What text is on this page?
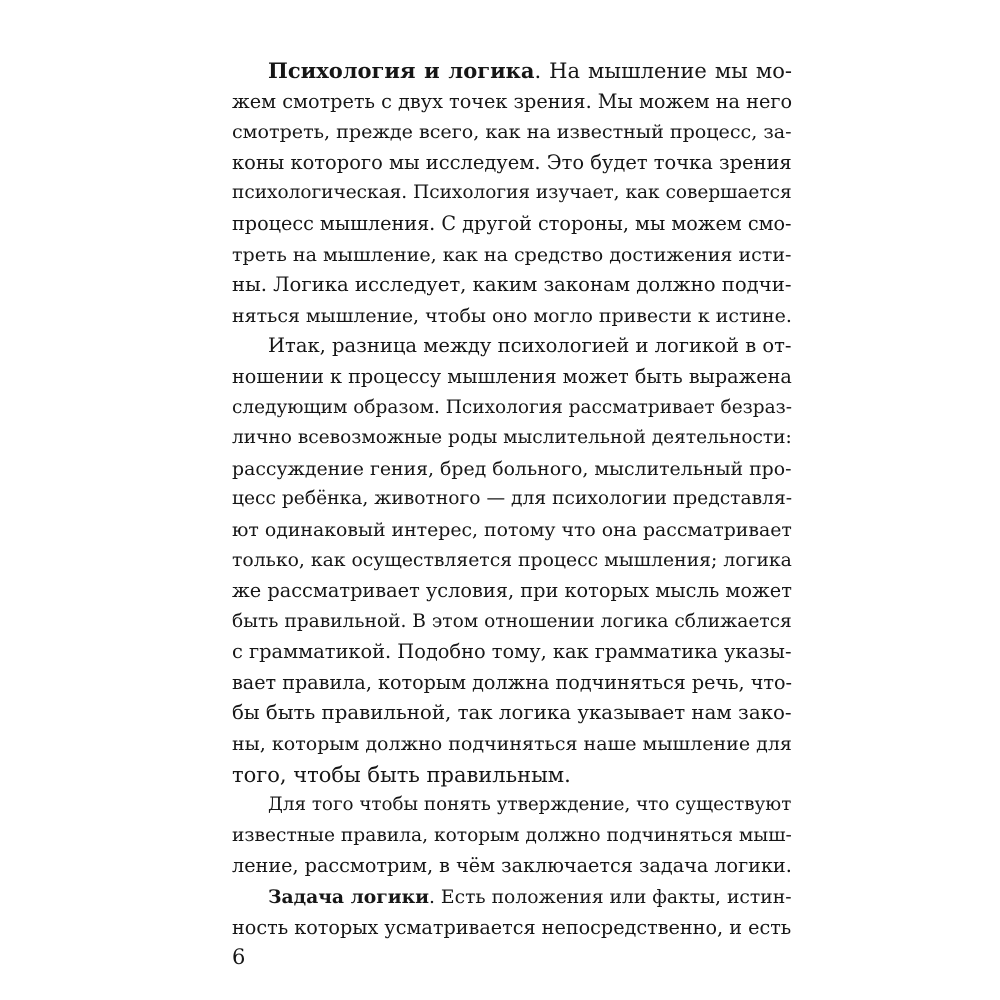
Психология и логика. На мышление мы мо-
жем смотреть с двух точек зрения. Мы можем на него
смотреть, прежде всего, как на известный процесс, за-
коны которого мы исследуем. Это будет точка зрения
психологическая. Психология изучает, как совершается
процесс мышления. С другой стороны, мы можем смо-
треть на мышление, как на средство достижения исти-
ны. Логика исследует, каким законам должно подчи-
няться мышление, чтобы оно могло привести к истине.
Итак, разница между психологией и логикой в от-
ношении к процессу мышления может быть выражена
следующим образом. Психология рассматривает безраз-
лично всевозможные роды мыслительной деятельности:
рассуждение гения, бред больного, мыслительный про-
цесс ребёнка, животного — для психологии представля-
ют одинаковый интерес, потому что она рассматривает
только, как осуществляется процесс мышления; логика
же рассматривает условия, при которых мысль может
быть правильной. В этом отношении логика сближается
с грамматикой. Подобно тому, как грамматика указы-
вает правила, которым должна подчиняться речь, что-
бы быть правильной, так логика указывает нам зако-
ны, которым должно подчиняться наше мышление для
того, чтобы быть правильным.
Для того чтобы понять утверждение, что существуют
известные правила, которым должно подчиняться мыш-
ление, рассмотрим, в чём заключается задача логики.
Задача логики. Есть положения или факты, истин-
ность которых усматривается непосредственно, и есть
6
